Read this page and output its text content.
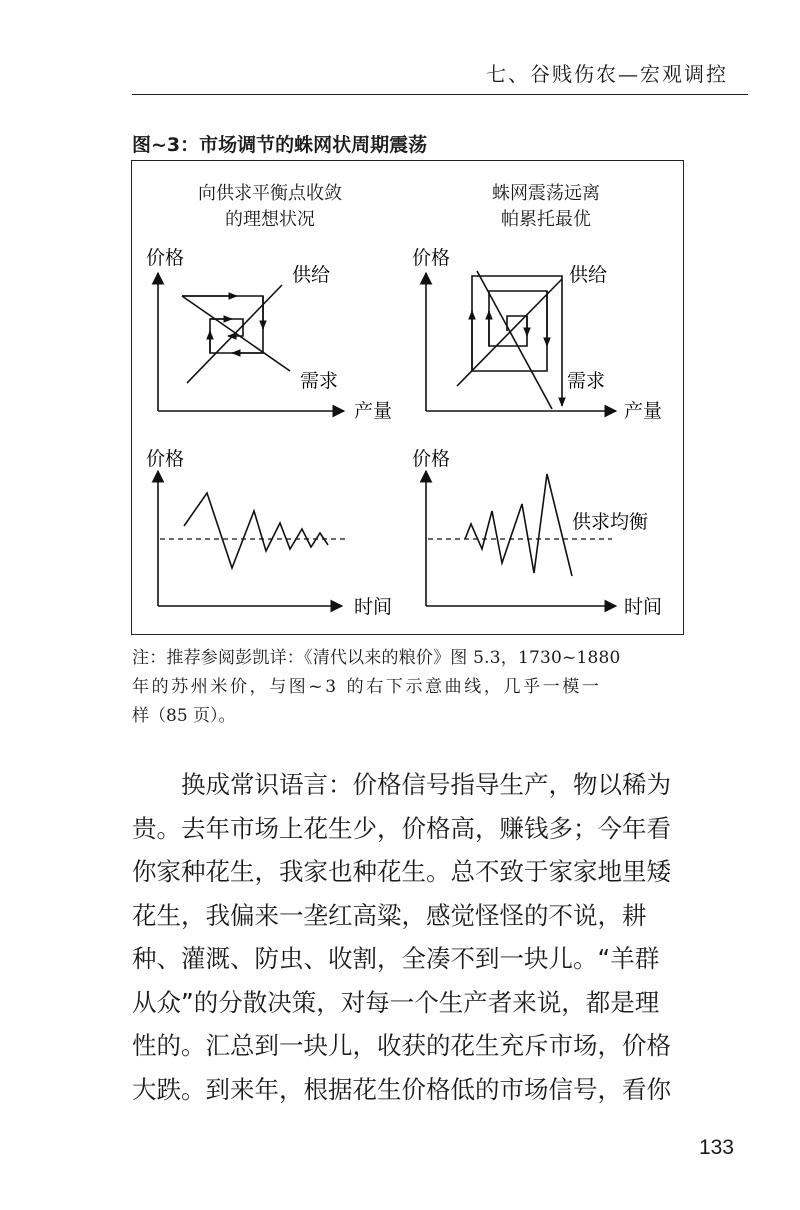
七、谷贱伤农—宏观调控
图~3：市场调节的蛛网状周期震荡
向供求平衡点收敛
的理想状况
蛛网震荡远离
帕累托最优
价格
供给
需求
产量
价格
供给
需求
产量
价格
时间
价格
供求均衡
时间
注：推荐参阅彭凯详：《清代以来的粮价》图 5.3，1730~1880
年的苏州米价，与图~3 的右下示意曲线，几乎一模一
样（85 页）。
　　换成常识语言：价格信号指导生产，物以稀为
贵。去年市场上花生少，价格高，赚钱多；今年看
你家种花生，我家也种花生。总不致于家家地里矮
花生，我偏来一垄红高粱，感觉怪怪的不说，耕
种、灌溉、防虫、收割，全凑不到一块儿。“羊群
从众”的分散决策，对每一个生产者来说，都是理
性的。汇总到一块儿，收获的花生充斥市场，价格
大跌。到来年，根据花生价格低的市场信号，看你
133
